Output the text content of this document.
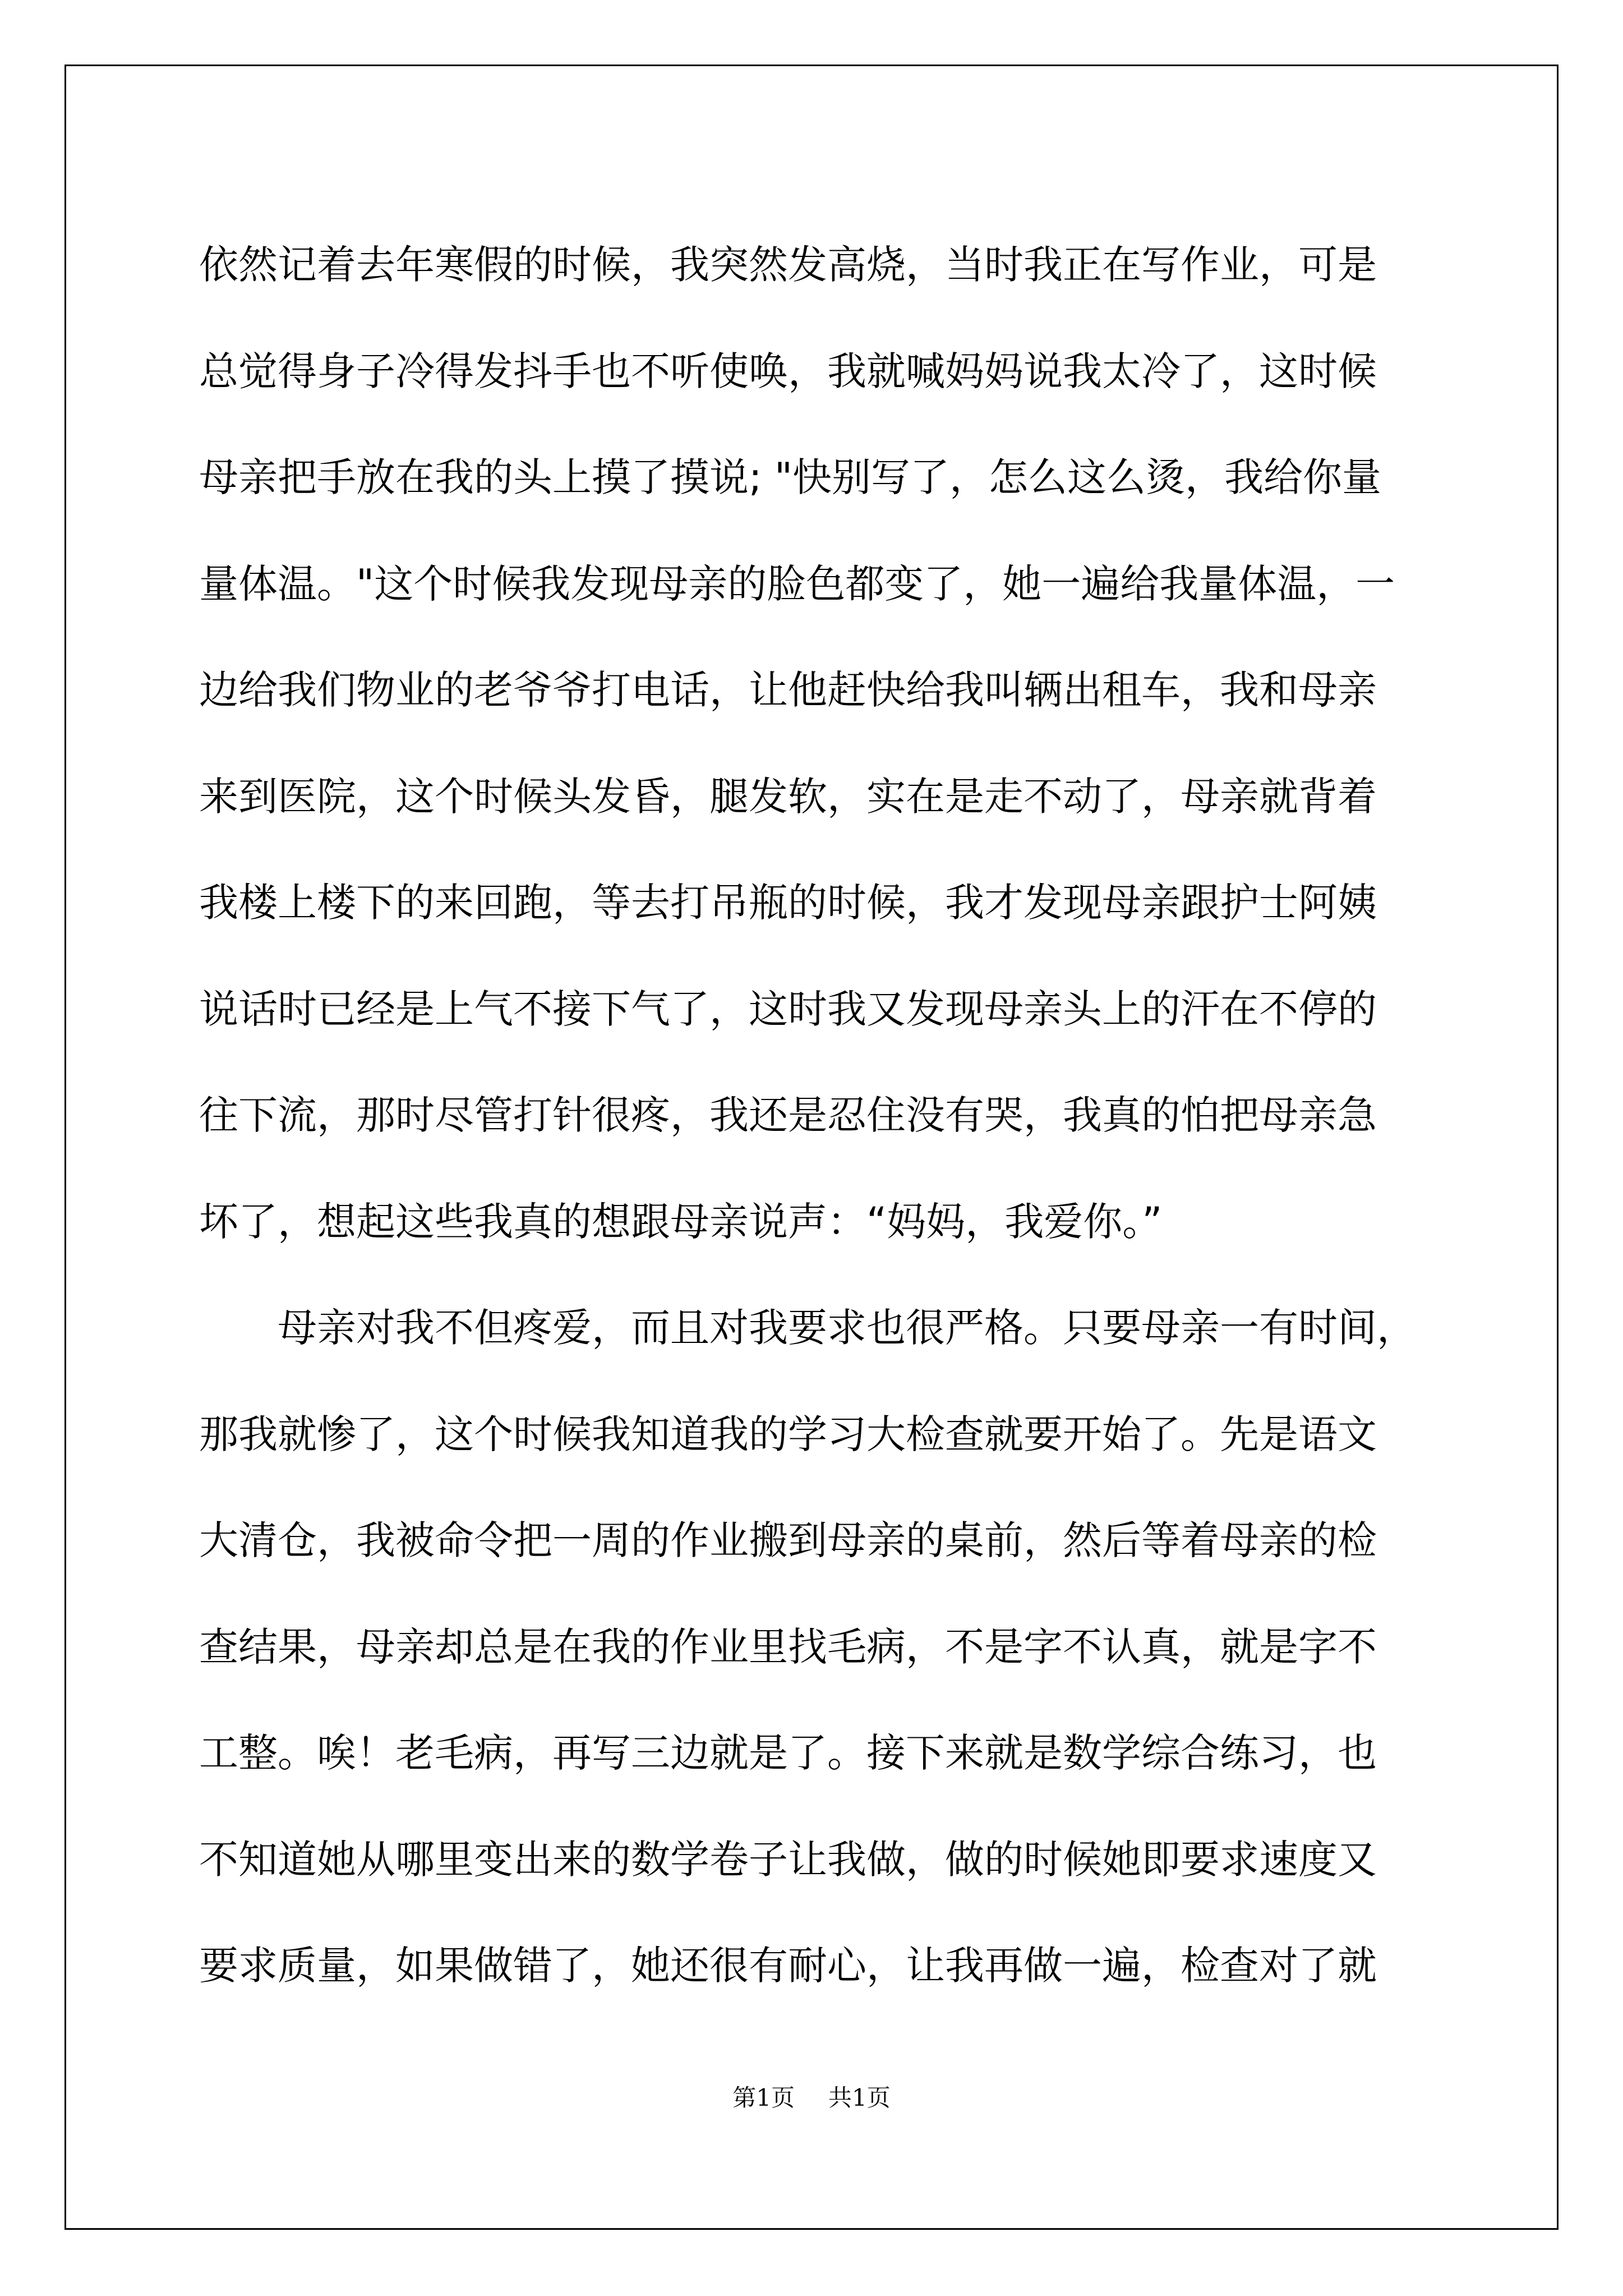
依然记着去年寒假的时候，我突然发高烧，当时我正在写作业，可是
总觉得身子冷得发抖手也不听使唤，我就喊妈妈说我太冷了，这时候
母亲把手放在我的头上摸了摸说; "快别写了，怎么这么烫，我给你量
量体温。"这个时候我发现母亲的脸色都变了，她一遍给我量体温，一
边给我们物业的老爷爷打电话，让他赶快给我叫辆出租车，我和母亲
来到医院，这个时候头发昏，腿发软，实在是走不动了，母亲就背着
我楼上楼下的来回跑，等去打吊瓶的时候，我才发现母亲跟护士阿姨
说话时已经是上气不接下气了，这时我又发现母亲头上的汗在不停的
往下流，那时尽管打针很疼，我还是忍住没有哭，我真的怕把母亲急
坏了，想起这些我真的想跟母亲说声：“妈妈，我爱你。”
母亲对我不但疼爱，而且对我要求也很严格。只要母亲一有时间，
那我就惨了，这个时候我知道我的学习大检查就要开始了。先是语文
大清仓，我被命令把一周的作业搬到母亲的桌前，然后等着母亲的检
查结果，母亲却总是在我的作业里找毛病，不是字不认真，就是字不
工整。唉！老毛病，再写三边就是了。接下来就是数学综合练习，也
不知道她从哪里变出来的数学卷子让我做，做的时候她即要求速度又
要求质量，如果做错了，她还很有耐心，让我再做一遍，检查对了就
第1页 共1页
